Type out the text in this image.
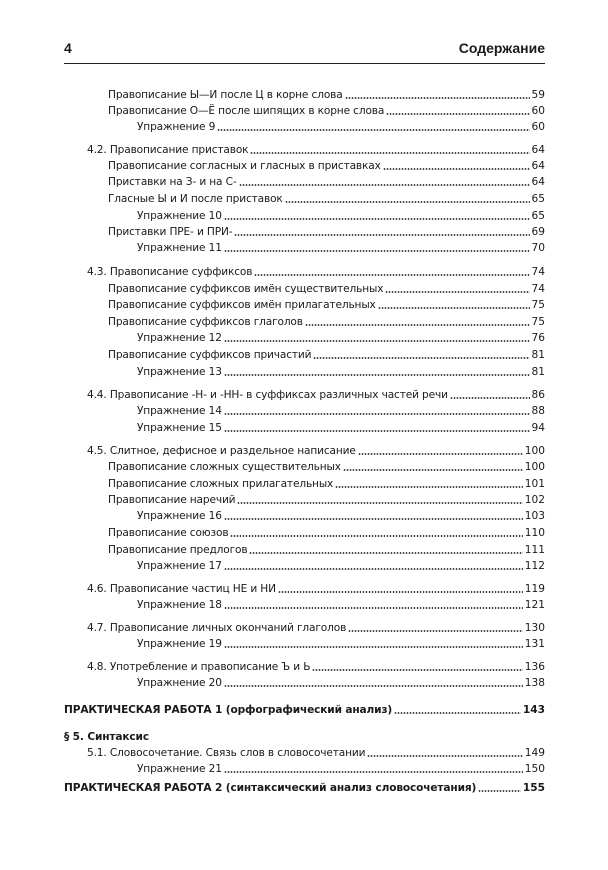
4	Содержание
Правописание Ы—И после Ц в корне слова	59
Правописание О—Ё после шипящих в корне слова	60
Упражнение 9	60
4.2. Правописание приставок	64
Правописание согласных и гласных в приставках	64
Приставки на З- и на С-	64
Гласные Ы и И после приставок	65
Упражнение 10	65
Приставки ПРЕ- и ПРИ-	69
Упражнение 11	70
4.3. Правописание суффиксов	74
Правописание суффиксов имён существительных	74
Правописание суффиксов имён прилагательных	75
Правописание суффиксов глаголов	75
Упражнение 12	76
Правописание суффиксов причастий	81
Упражнение 13	81
4.4. Правописание -Н- и -НН- в суффиксах различных частей речи	86
Упражнение 14	88
Упражнение 15	94
4.5. Слитное, дефисное и раздельное написание	100
Правописание сложных существительных	100
Правописание сложных прилагательных	101
Правописание наречий	102
Упражнение 16	103
Правописание союзов	110
Правописание предлогов	111
Упражнение 17	112
4.6. Правописание частиц НЕ и НИ	119
Упражнение 18	121
4.7. Правописание личных окончаний глаголов	130
Упражнение 19	131
4.8. Употребление и правописание Ъ и Ь	136
Упражнение 20	138
ПРАКТИЧЕСКАЯ РАБОТА 1 (орфографический анализ)	143
§ 5. Синтаксис
5.1. Словосочетание. Связь слов в словосочетании	149
Упражнение 21	150
ПРАКТИЧЕСКАЯ РАБОТА 2 (синтаксический анализ словосочетания)	155
